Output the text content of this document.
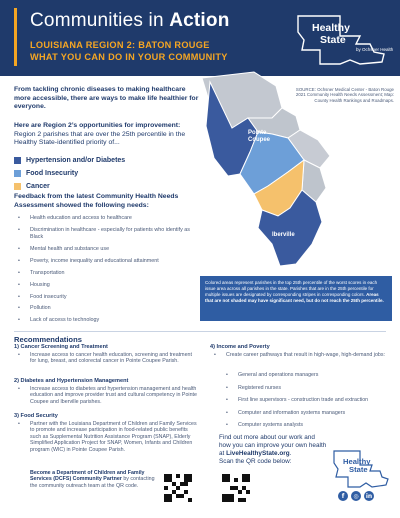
Communities in Action
LOUISIANA REGION 2: BATON ROUGE
WHAT YOU CAN DO IN YOUR COMMUNITY
Healthy
State
by Ochsner Health
From tackling chronic diseases to making healthcare more accessible, there are ways to make life healthier for everyone.
Here are Region 2’s opportunities for improvement: Region 2 parishes that are over the 25th percentile in the Healthy State-identified priority of...
Hypertension and/or Diabetes
Food Insecurity
Cancer
Feedback from the latest Community Health Needs Assessment showed the following needs:
• Health education and access to healthcare
• Discrimination in healthcare - especially for patients who identify as Black
• Mental health and substance use
• Poverty, income inequality and educational attainment
• Transportation
• Housing
• Food insecurity
• Pollution
• Lack of access to technology
SOURCE: Ochsner Medical Center - Baton Rouge 2021 Community Health Needs Assessment; Map: County Health Rankings and Roadmaps.
Pointe
Coupee
Iberville

Colored areas represent parishes in the top 25th percentile of the worst scores in each issue area across all parishes in the state. Parishes that are in the 25th percentile for multiple issues are designated by corresponding stripes in corresponding colors. Areas that are not shaded may have significant need, but do not reach the 25th percentile.

Recommendations
1) Cancer Screening and Treatment
• Increase access to cancer health education, screening and treatment for lung, breast, and colorectal cancer in Pointe Coupee Parish.
2) Diabetes and Hypertension Management
• Increase access to diabetes and hypertension management and health education and improve provider trust and cultural competency in Pointe Coupee and Iberville parishes.
3) Food Security
• Partner with the Louisiana Department of Children and Family Services to promote and increase participation in food-related public benefits such as Supplemental Nutrition Assistance Program (SNAP), Elderly Simplified Application Project for SNAP, Women, Infants and Children program (WIC) in Pointe Coupee Parish.
Become a Department of Children and Family Services (DCFS) Community Partner by contacting the community outreach team at the QR code.
4) Income and Poverty
• Create career pathways that result in high-wage, high-demand jobs:
• General and operations managers
• Registered nurses
• First line supervisors - construction trade and extraction
• Computer and information systems managers
• Computer systems analysts
Find out more about our work and how you can improve your own health at LiveHealthyState.org.
Scan the QR code below:	Healthy
State
f	◎	in
